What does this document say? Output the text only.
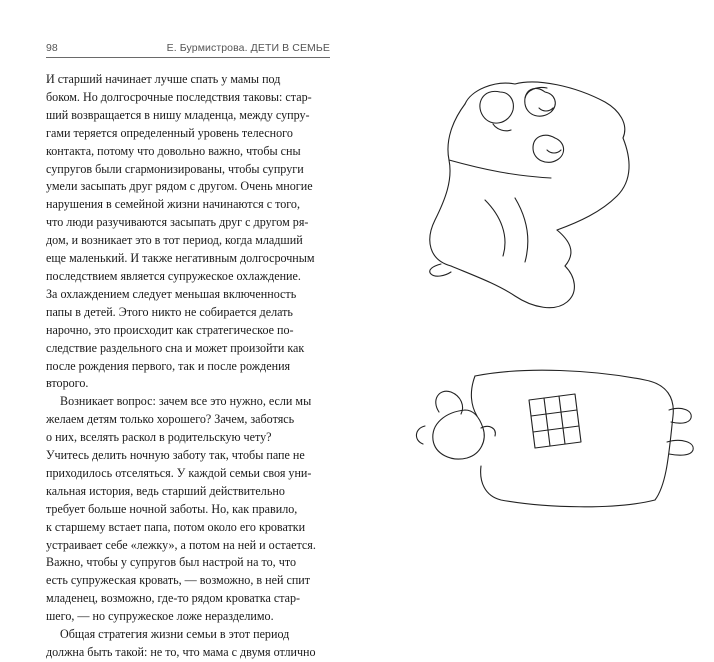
98	Е. Бурмистрова. ДЕТИ В СЕМЬЕ

И старший начинает лучше спать у мамы под
боком. Но долгосрочные последствия таковы: стар-
ший возвращается в нишу младенца, между супру-
гами теряется определенный уровень телесного
контакта, потому что довольно важно, чтобы сны
супругов были сгармонизированы, чтобы супруги
умели засыпать друг рядом с другом. Очень многие
нарушения в семейной жизни начинаются с того,
что люди разучиваются засыпать друг с другом ря-
дом, и возникает это в тот период, когда младший
еще маленький. И также негативным долгосрочным
последствием является супружеское охлаждение.
За охлаждением следует меньшая включенность
папы в детей. Этого никто не собирается делать
нарочно, это происходит как стратегическое по-
следствие раздельного сна и может произойти как
после рождения первого, так и после рождения
второго.
Возникает вопрос: зачем все это нужно, если мы
желаем детям только хорошего? Зачем, заботясь
о них, вселять раскол в родительскую чету?
Учитесь делить ночную заботу так, чтобы папе не
приходилось отселяться. У каждой семьи своя уни-
кальная история, ведь старший действительно
требует больше ночной заботы. Но, как правило,
к старшему встает папа, потом около его кроватки
устраивает себе «лежку», а потом на ней и остается.
Важно, чтобы у супругов был настрой на то, что
есть супружеская кровать, — возможно, в ней спит
младенец, возможно, где-то рядом кроватка стар-
шего, — но супружеское ложе неразделимо.
Общая стратегия жизни семьи в этот период
должна быть такой: не то, что мама с двумя отлично
